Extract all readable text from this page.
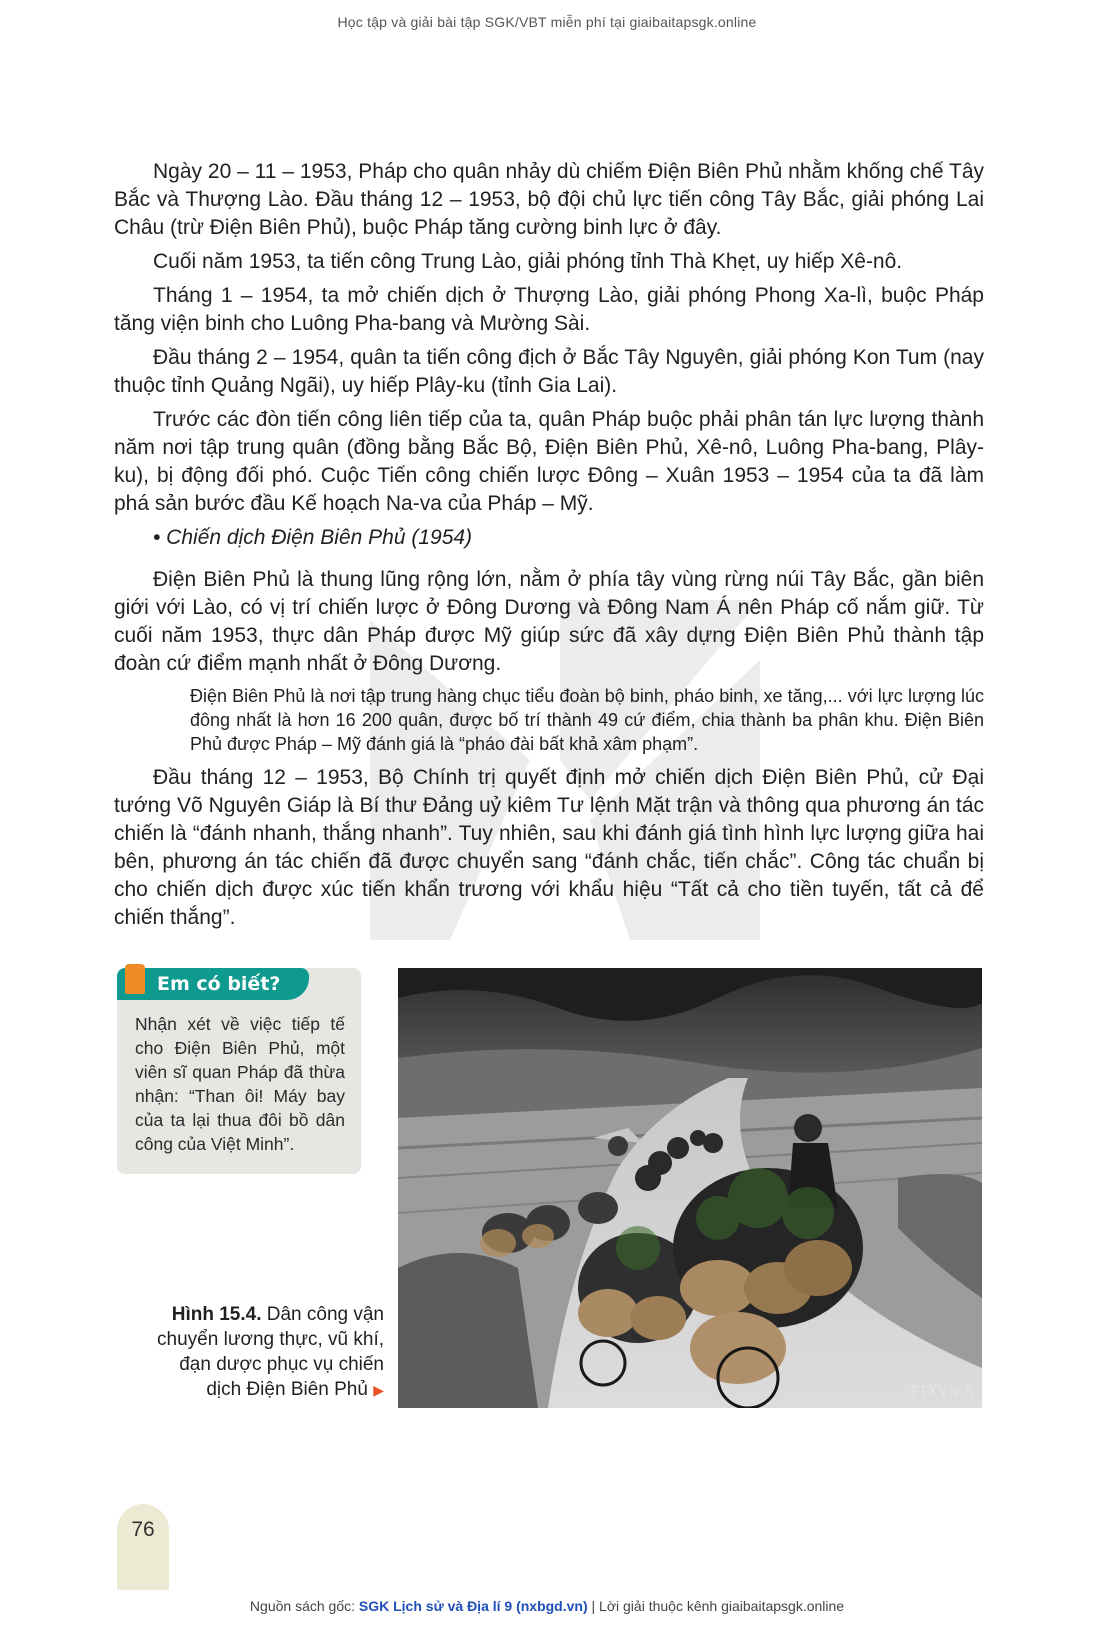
Học tập và giải bài tập SGK/VBT miễn phí tại giaibaitapsgk.online

Ngày 20 – 11 – 1953, Pháp cho quân nhảy dù chiếm Điện Biên Phủ nhằm khống chế Tây Bắc và Thượng Lào. Đầu tháng 12 – 1953, bộ đội chủ lực tiến công Tây Bắc, giải phóng Lai Châu (trừ Điện Biên Phủ), buộc Pháp tăng cường binh lực ở đây.

Cuối năm 1953, ta tiến công Trung Lào, giải phóng tỉnh Thà Khẹt, uy hiếp Xê-nô.

Tháng 1 – 1954, ta mở chiến dịch ở Thượng Lào, giải phóng Phong Xa-lì, buộc Pháp tăng viện binh cho Luông Pha-bang và Mường Sài.

Đầu tháng 2 – 1954, quân ta tiến công địch ở Bắc Tây Nguyên, giải phóng Kon Tum (nay thuộc tỉnh Quảng Ngãi), uy hiếp Plây-ku (tỉnh Gia Lai).

Trước các đòn tiến công liên tiếp của ta, quân Pháp buộc phải phân tán lực lượng thành năm nơi tập trung quân (đồng bằng Bắc Bộ, Điện Biên Phủ, Xê-nô, Luông Pha-bang, Plây-ku), bị động đối phó. Cuộc Tiến công chiến lược Đông – Xuân 1953 – 1954 của ta đã làm phá sản bước đầu Kế hoạch Na-va của Pháp – Mỹ.

• Chiến dịch Điện Biên Phủ (1954)

Điện Biên Phủ là thung lũng rộng lớn, nằm ở phía tây vùng rừng núi Tây Bắc, gần biên giới với Lào, có vị trí chiến lược ở Đông Dương và Đông Nam Á nên Pháp cố nắm giữ. Từ cuối năm 1953, thực dân Pháp được Mỹ giúp sức đã xây dựng Điện Biên Phủ thành tập đoàn cứ điểm mạnh nhất ở Đông Dương.

Điện Biên Phủ là nơi tập trung hàng chục tiểu đoàn bộ binh, pháo binh, xe tăng,... với lực lượng lúc đông nhất là hơn 16 200 quân, được bố trí thành 49 cứ điểm, chia thành ba phân khu. Điện Biên Phủ được Pháp – Mỹ đánh giá là “pháo đài bất khả xâm phạm”.

Đầu tháng 12 – 1953, Bộ Chính trị quyết định mở chiến dịch Điện Biên Phủ, cử Đại tướng Võ Nguyên Giáp là Bí thư Đảng uỷ kiêm Tư lệnh Mặt trận và thông qua phương án tác chiến là “đánh nhanh, thắng nhanh”. Tuy nhiên, sau khi đánh giá tình hình lực lượng giữa hai bên, phương án tác chiến đã được chuyển sang “đánh chắc, tiến chắc”. Công tác chuẩn bị cho chiến dịch được xúc tiến khẩn trương với khẩu hiệu “Tất cả cho tiền tuyến, tất cả để chiến thắng”.

Em có biết?
Nhận xét về việc tiếp tế cho Điện Biên Phủ, một viên sĩ quan Pháp đã thừa nhận: “Than ôi! Máy bay của ta lại thua đôi bồ dân công của Việt Minh”.
TTXVN-5
Hình 15.4. Dân công vận chuyển lương thực, vũ khí, đạn dược phục vụ chiến dịch Điện Biên Phủ ▶
76
Nguồn sách gốc: SGK Lịch sử và Địa lí 9 (nxbgd.vn) | Lời giải thuộc kênh giaibaitapsgk.online
